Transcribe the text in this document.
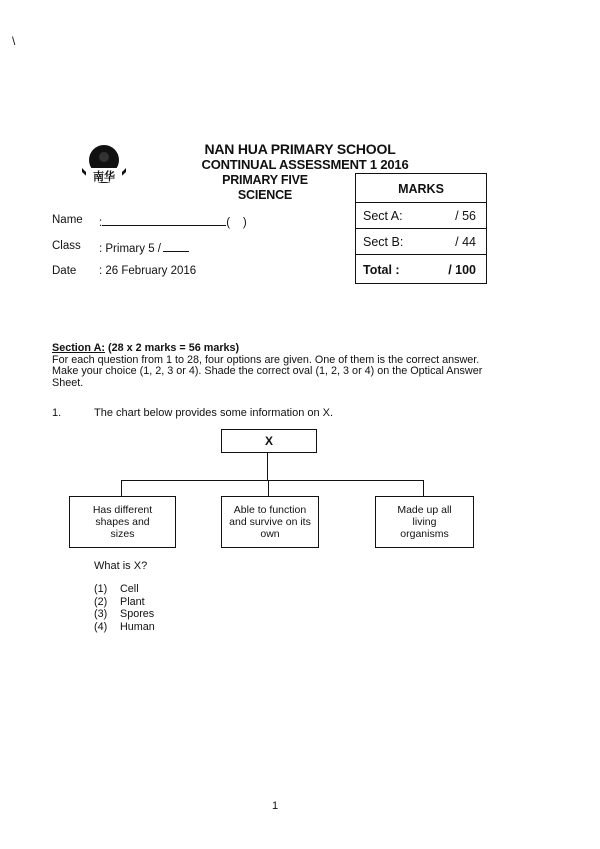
\
南华
NAN HUA PRIMARY SCHOOL
CONTINUAL ASSESSMENT 1 2016
PRIMARY FIVE
SCIENCE
Name :	( )
Class : Primary 5 /
Date : 26 February 2016
MARKS
Sect A:	/ 56
Sect B:	/ 44
Total :	/ 100
Section A: (28 x 2 marks = 56 marks)
For each question from 1 to 28, four options are given. One of them is the correct answer. Make your choice (1, 2, 3 or 4). Shade the correct oval (1, 2, 3 or 4) on the Optical Answer Sheet.
1.	The chart below provides some information on X.
X
Has different shapes and sizes
Able to function and survive on its own
Made up all living organisms
What is X?
(1) Cell
(2) Plant
(3) Spores
(4) Human
1
